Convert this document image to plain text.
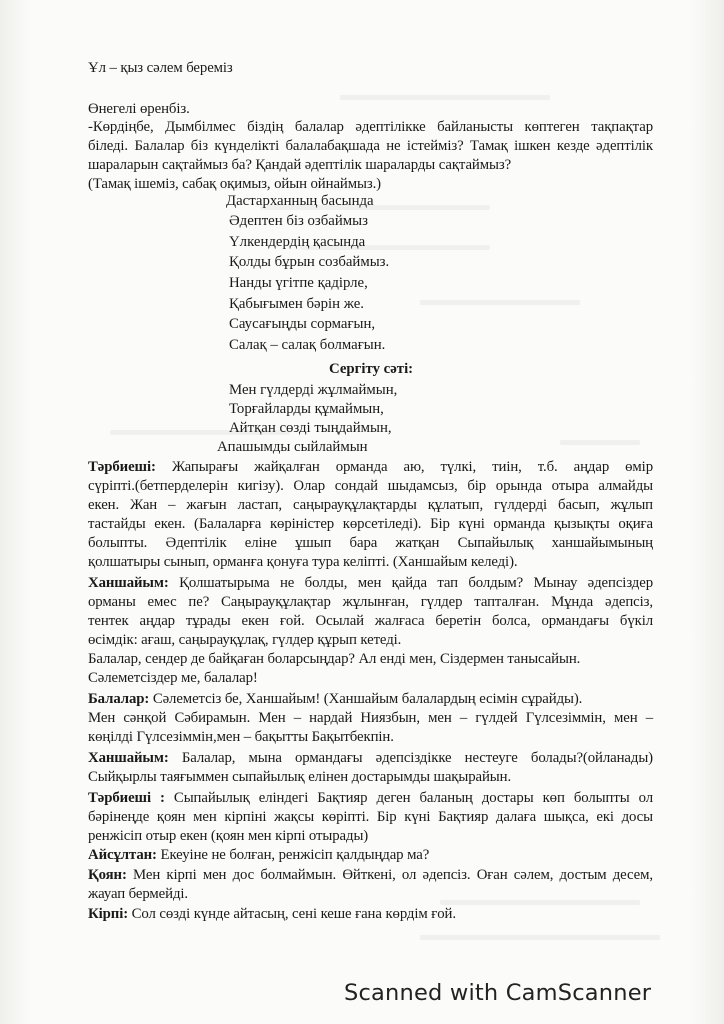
Ұл – қыз сәлем береміз
Өнегелі өренбіз.
-Көрдіңбе, Дымбілмес біздің балалар әдептілікке байланысты көптеген тақпақтар
біледі. Балалар біз күнделікті балалабақшада не істейміз? Тамақ ішкен кезде әдептілік
шараларын сақтаймыз ба? Қандай әдептілік шараларды сақтаймыз?
(Тамақ ішеміз, сабақ оқимыз, ойын ойнаймыз.)
Дастарханның басында
Әдептен біз озбаймыз
Үлкендердің қасында
Қолды бұрын созбаймыз.
Нанды үгітпе қадірле,
Қабығымен бәрін же.
Саусағыңды сормағын,
Салақ – салақ болмағын.
Сергіту сәті:
Мен гүлдерді жұлмаймын,
Торғайларды құмаймын,
Айтқан сөзді тыңдаймын,
Апашымды сыйлаймын
Тәрбиеші: Жапырағы жайқалған орманда аю, түлкі, тиін, т.б. аңдар өмір
сүріпті.(бетперделерін кигізу). Олар сондай шыдамсыз, бір орында отыра алмайды
екен. Жан – жағын ластап, саңырауқұлақтарды құлатып, гүлдерді басып, жұлып
тастайды екен. (Балаларға көріністер көрсетіледі). Бір күні орманда қызықты оқиға
болыпты. Әдептілік еліне ұшып бара жатқан Сыпайылық ханшайымының
қолшатыры сынып, орманға қонуға тура келіпті. (Ханшайым келеді).
Ханшайым: Қолшатырыма не болды, мен қайда тап болдым? Мынау әдепсіздер
орманы емес пе? Саңырауқұлақтар жұлынған, гүлдер тапталған. Мұнда әдепсіз,
тентек аңдар тұрады екен ғой. Осылай жалғаса беретін болса, ормандағы бүкіл
өсімдік: ағаш, саңырауқұлақ, гүлдер құрып кетеді.
Балалар, сендер де байқаған боларсыңдар? Ал енді мен, Сіздермен танысайын.
Сәлеметсіздер ме, балалар!
Балалар: Сәлеметсіз бе, Ханшайым! (Ханшайым балалардың есімін сұрайды).
Мен сәнқой Сәбирамын. Мен – нардай Ниязбын, мен – гүлдей Гүлсезіммін, мен –
көңілді Гүлсезіммін,мен – бақытты Бақытбекпін.
Ханшайым: Балалар, мына ормандағы әдепсіздікке нестеуге болады?(ойланады)
Сыйқырлы таяғыммен сыпайылық елінен достарымды шақырайын.
Тәрбиеші : Сыпайылық еліндегі Бақтияр деген баланың достары көп болыпты ол
бәрінеңде қоян мен кірпіні жақсы көріпті. Бір күні Бақтияр далаға шықса, екі досы
ренжісіп отыр екен (қоян мен кірпі отырады)
Айсұлтан: Екеуіне не болған, ренжісіп қалдыңдар ма?
Қоян: Мен кірпі мен дос болмаймын. Өйткені, ол әдепсіз. Оған сәлем, достым десем,
жауап бермейді.
Кірпі: Сол сөзді күнде айтасың, сені кеше ғана көрдім ғой.
Scanned with CamScanner
